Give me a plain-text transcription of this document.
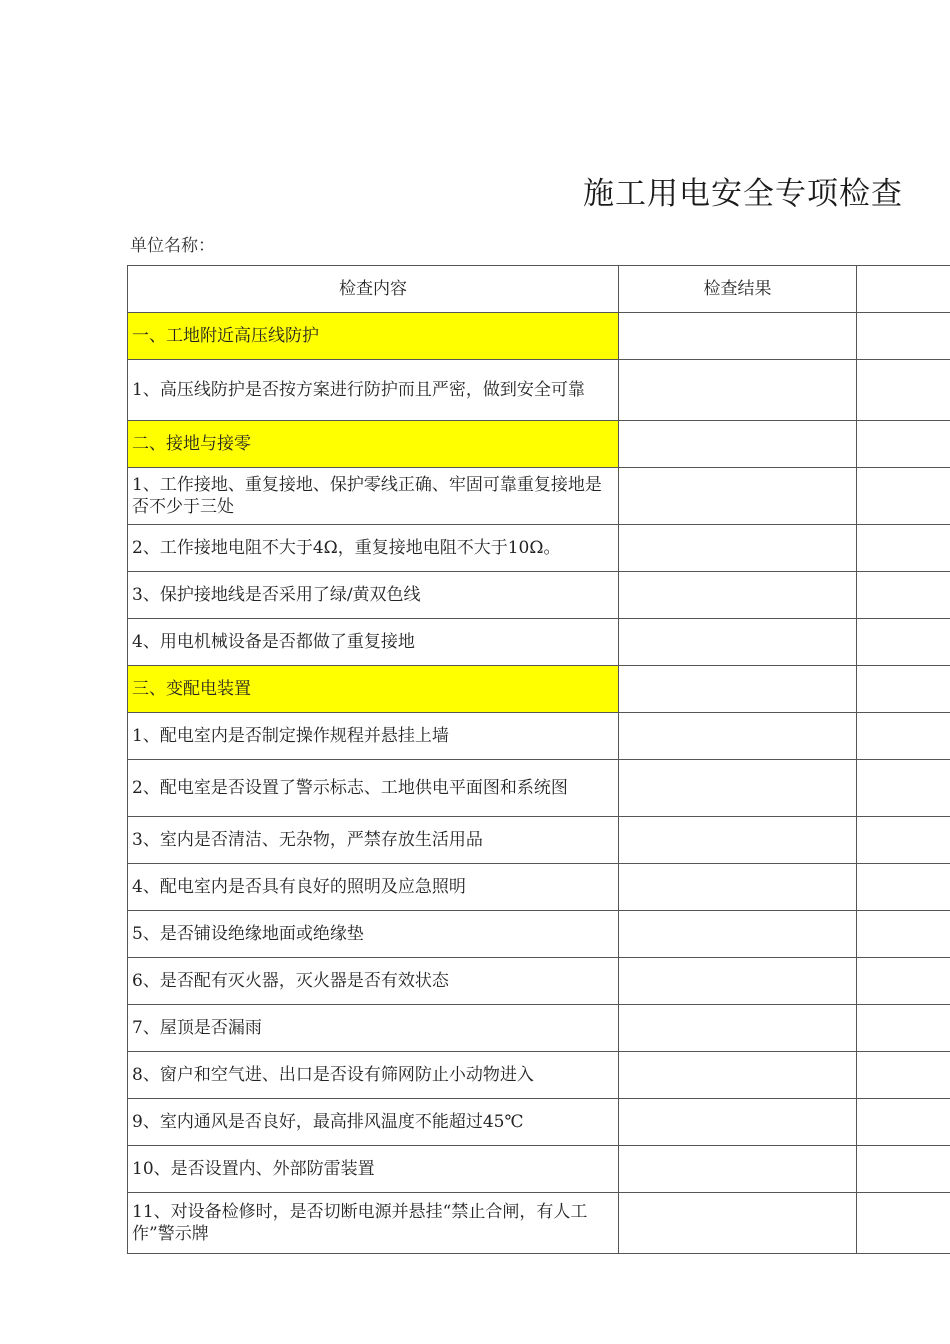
施工用电安全专项检查
单位名称：
检查内容	检查结果	
一、工地附近高压线防护		
1、高压线防护是否按方案进行防护而且严密，做到安全可靠		
二、接地与接零		
1、工作接地、重复接地、保护零线正确、牢固可靠重复接地是否不少于三处		
2、工作接地电阻不大于4Ω，重复接地电阻不大于10Ω。		
3、保护接地线是否采用了绿/黄双色线		
4、用电机械设备是否都做了重复接地		
三、变配电装置		
1、配电室内是否制定操作规程并悬挂上墙		
2、配电室是否设置了警示标志、工地供电平面图和系统图		
3、室内是否清洁、无杂物，严禁存放生活用品		
4、配电室内是否具有良好的照明及应急照明		
5、是否铺设绝缘地面或绝缘垫		
6、是否配有灭火器，灭火器是否有效状态		
7、屋顶是否漏雨		
8、窗户和空气进、出口是否设有筛网防止小动物进入		
9、室内通风是否良好，最高排风温度不能超过45℃		
10、是否设置内、外部防雷装置		
11、对设备检修时，是否切断电源并悬挂“禁止合闸，有人工作”警示牌		
